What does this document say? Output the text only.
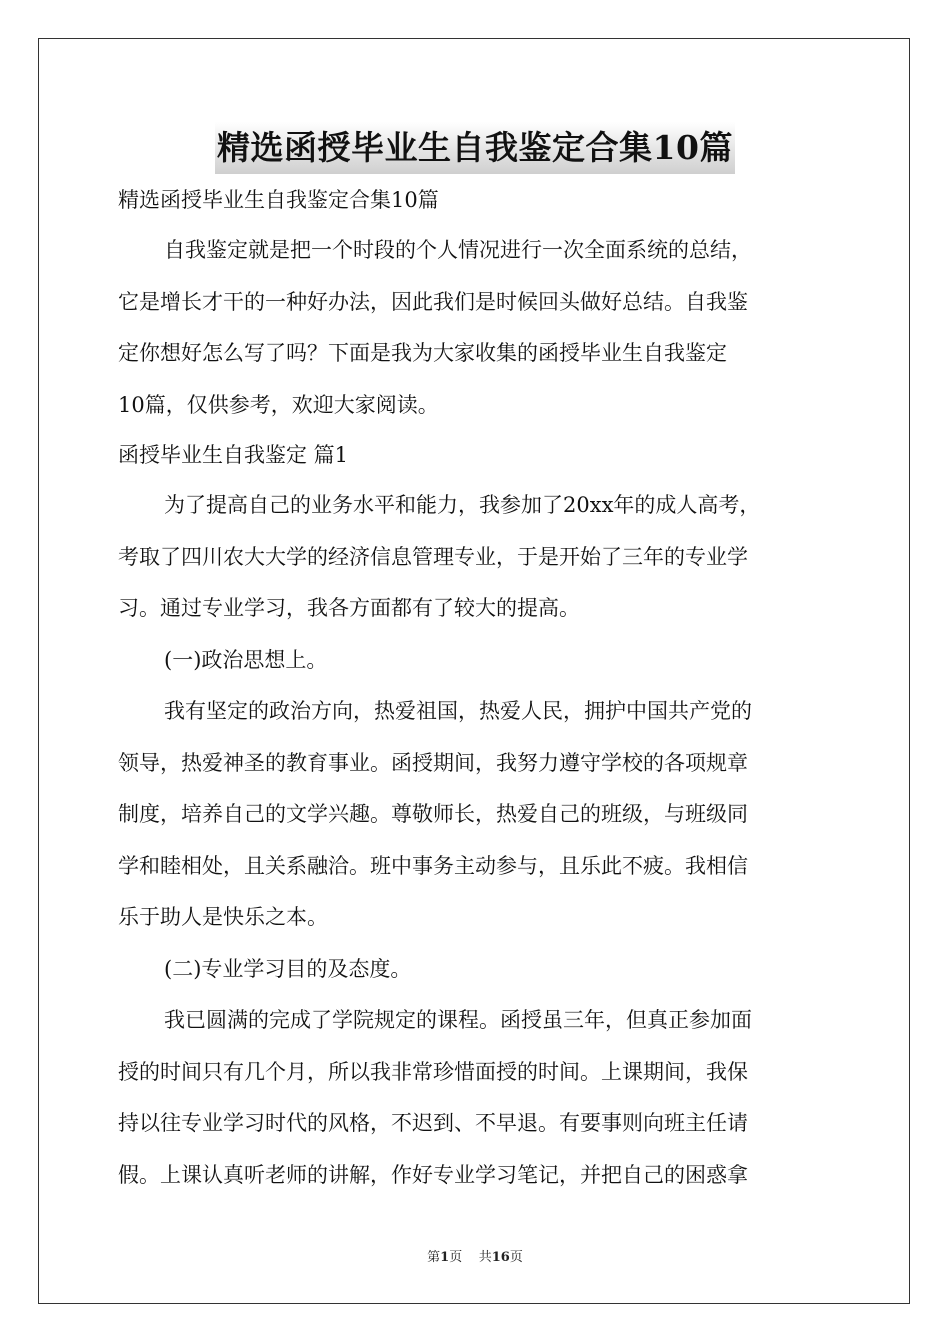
精选函授毕业生自我鉴定合集10篇

精选函授毕业生自我鉴定合集10篇

自我鉴定就是把一个时段的个人情况进行一次全面系统的总结，

它是增长才干的一种好办法，因此我们是时候回头做好总结。自我鉴

定你想好怎么写了吗？下面是我为大家收集的函授毕业生自我鉴定

10篇，仅供参考，欢迎大家阅读。

函授毕业生自我鉴定 篇1

为了提高自己的业务水平和能力，我参加了20xx年的成人高考，

考取了四川农大大学的经济信息管理专业，于是开始了三年的专业学

习。通过专业学习，我各方面都有了较大的提高。

(一)政治思想上。

我有坚定的政治方向，热爱祖国，热爱人民，拥护中国共产党的

领导，热爱神圣的教育事业。函授期间，我努力遵守学校的各项规章

制度，培养自己的文学兴趣。尊敬师长，热爱自己的班级，与班级同

学和睦相处，且关系融洽。班中事务主动参与，且乐此不疲。我相信

乐于助人是快乐之本。

(二)专业学习目的及态度。

我已圆满的完成了学院规定的课程。函授虽三年，但真正参加面

授的时间只有几个月，所以我非常珍惜面授的时间。上课期间，我保

持以往专业学习时代的风格，不迟到、不早退。有要事则向班主任请

假。上课认真听老师的讲解，作好专业学习笔记，并把自己的困惑拿

第1页 共16页
